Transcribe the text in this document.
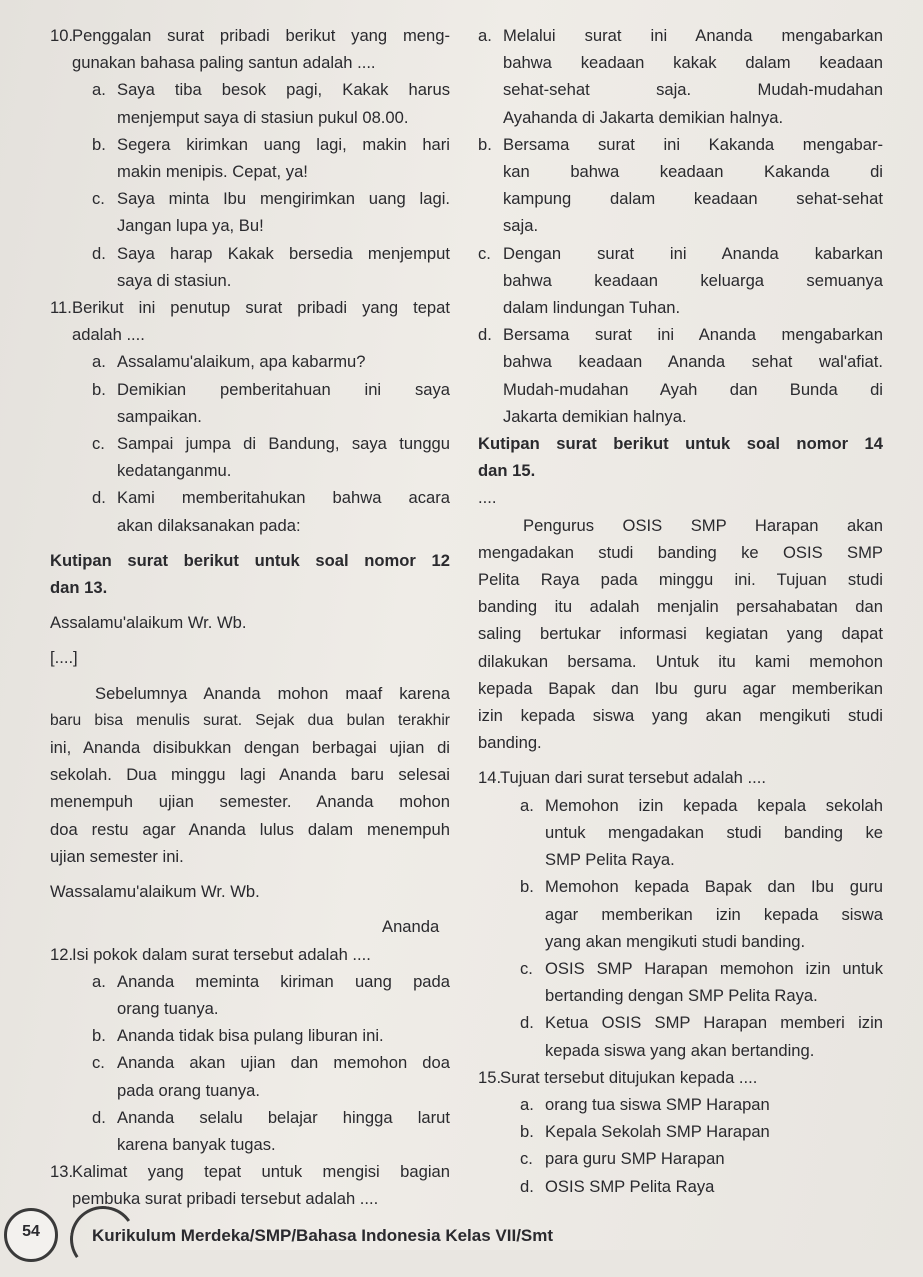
10.

Penggalan surat pribadi berikut yang meng-

gunakan bahasa paling santun adalah ....

a. Saya tiba besok pagi, Kakak harus

menjemput saya di stasiun pukul 08.00.

b. Segera kirimkan uang lagi, makin hari

makin menipis. Cepat, ya!

c. Saya minta Ibu mengirimkan uang lagi.

Jangan lupa ya, Bu!

d. Saya harap Kakak bersedia menjemput

saya di stasiun.

11. Berikut ini penutup surat pribadi yang tepat

adalah ....

a. Assalamu'alaikum, apa kabarmu?

b. Demikian pemberitahuan ini saya

sampaikan.

c. Sampai jumpa di Bandung, saya tunggu

kedatanganmu.

d. Kami memberitahukan bahwa acara

akan dilaksanakan pada:

Kutipan surat berikut untuk soal nomor 12

dan 13.

Assalamu'alaikum Wr. Wb.

[....]

Sebelumnya Ananda mohon maaf karena

baru bisa menulis surat. Sejak dua bulan terakhir

ini, Ananda disibukkan dengan berbagai ujian di

sekolah. Dua minggu lagi Ananda baru selesai

menempuh ujian semester. Ananda mohon

doa restu agar Ananda lulus dalam menempuh

ujian semester ini.

Wassalamu'alaikum Wr. Wb.

Ananda

12.

Isi pokok dalam surat tersebut adalah ....

a. Ananda meminta kiriman uang pada

orang tuanya.

b. Ananda tidak bisa pulang liburan ini.

c. Ananda akan ujian dan memohon doa

pada orang tuanya.

d. Ananda selalu belajar hingga larut

karena banyak tugas.

13.

Kalimat yang tepat untuk mengisi bagian

pembuka surat pribadi tersebut adalah ....

a. Melalui surat ini Ananda mengabarkan

bahwa keadaan kakak dalam keadaan

sehat-sehat saja. Mudah-mudahan

Ayahanda di Jakarta demikian halnya.

b. Bersama surat ini Kakanda mengabar-

kan bahwa keadaan Kakanda di

kampung dalam keadaan sehat-sehat

saja.

c. Dengan surat ini Ananda kabarkan

bahwa keadaan keluarga semuanya

dalam lindungan Tuhan.

d. Bersama surat ini Ananda mengabarkan

bahwa keadaan Ananda sehat wal'afiat.

Mudah-mudahan Ayah dan Bunda di

Jakarta demikian halnya.

Kutipan surat berikut untuk soal nomor 14

dan 15.

....

Pengurus OSIS SMP Harapan akan

mengadakan studi banding ke OSIS SMP

Pelita Raya pada minggu ini. Tujuan studi

banding itu adalah menjalin persahabatan dan

saling bertukar informasi kegiatan yang dapat

dilakukan bersama. Untuk itu kami memohon

kepada Bapak dan Ibu guru agar memberikan

izin kepada siswa yang akan mengikuti studi

banding.

14.

Tujuan dari surat tersebut adalah ....

a. Memohon izin kepada kepala sekolah

untuk mengadakan studi banding ke

SMP Pelita Raya.

b. Memohon kepada Bapak dan Ibu guru

agar memberikan izin kepada siswa

yang akan mengikuti studi banding.

c. OSIS SMP Harapan memohon izin untuk

bertanding dengan SMP Pelita Raya.

d. Ketua OSIS SMP Harapan memberi izin

kepada siswa yang akan bertanding.

15.

Surat tersebut ditujukan kepada ....

a. orang tua siswa SMP Harapan

b. Kepala Sekolah SMP Harapan

c. para guru SMP Harapan

d. OSIS SMP Pelita Raya

54	Kurikulum Merdeka/SMP/Bahasa Indonesia Kelas VII/Smt
